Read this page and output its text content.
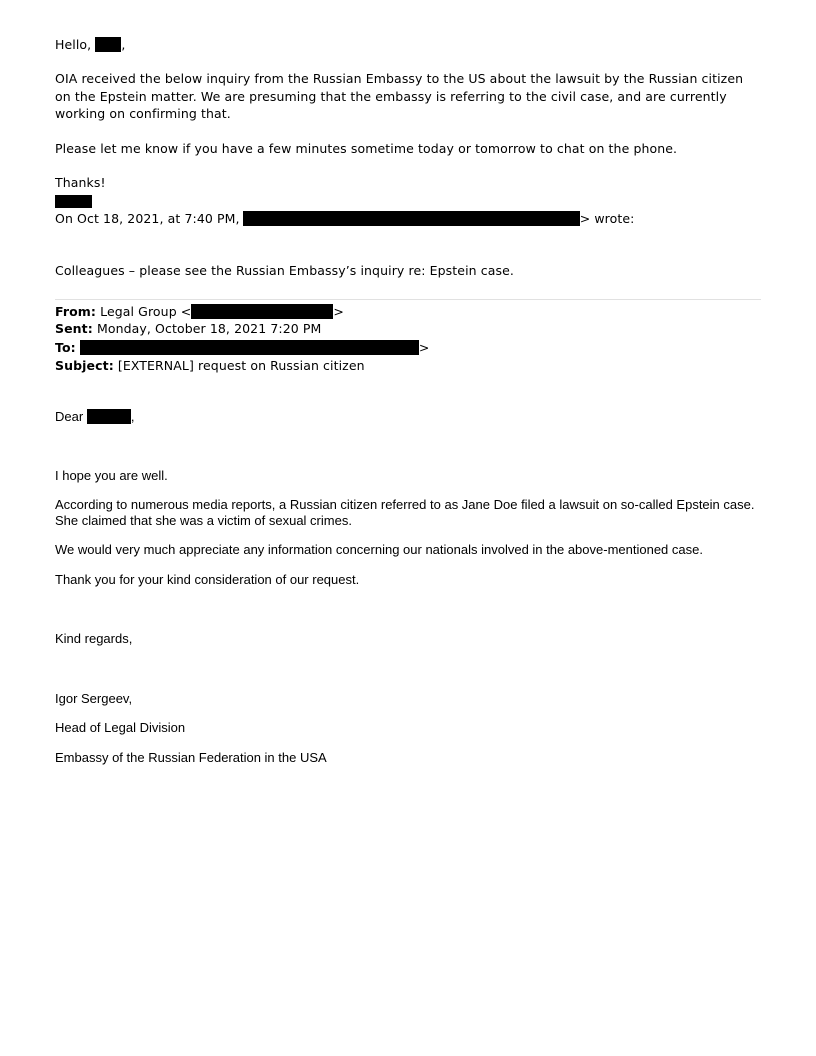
Hello, ,
OIA received the below inquiry from the Russian Embassy to the US about the lawsuit by the Russian citizen on the Epstein matter. We are presuming that the embassy is referring to the civil case, and are currently working on confirming that.
Please let me know if you have a few minutes sometime today or tomorrow to chat on the phone.
Thanks!
On Oct 18, 2021, at 7:40 PM,	> wrote:
Colleagues – please see the Russian Embassy’s inquiry re: Epstein case.
From: Legal Group <	>
Sent: Monday, October 18, 2021 7:20 PM
To:	>
Subject: [EXTERNAL] request on Russian citizen
Dear	,
I hope you are well.
According to numerous media reports, a Russian citizen referred to as Jane Doe filed a lawsuit on so-called Epstein case. She claimed that she was a victim of sexual crimes.
We would very much appreciate any information concerning our nationals involved in the above-mentioned case.
Thank you for your kind consideration of our request.
Kind regards,
Igor Sergeev,
Head of Legal Division
Embassy of the Russian Federation in the USA
